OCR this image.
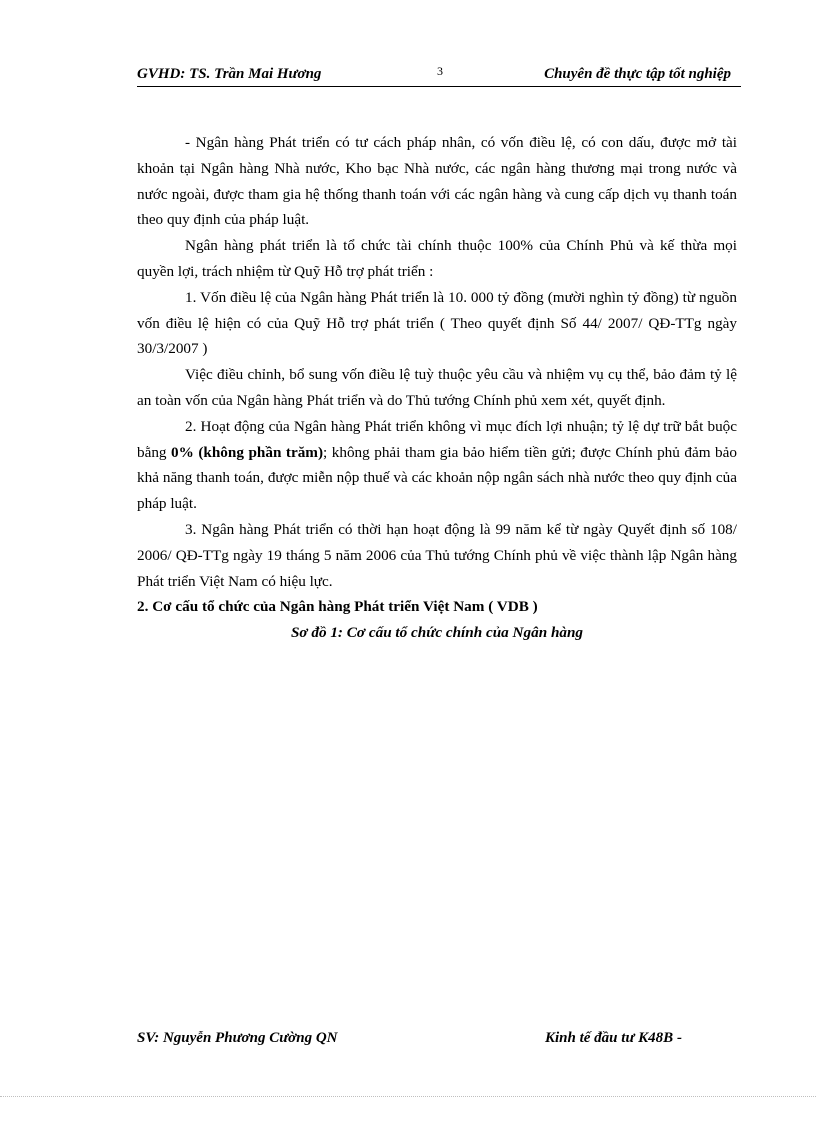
GVHD: TS. Trần Mai Hương	3	Chuyên đề thực tập tốt nghiệp

- Ngân hàng Phát triển có tư cách pháp nhân, có vốn điều lệ, có con dấu, được mở tài khoản tại Ngân hàng Nhà nước, Kho bạc Nhà nước, các ngân hàng thương mại trong nước và nước ngoài, được tham gia hệ thống thanh toán với các ngân hàng và cung cấp dịch vụ thanh toán theo quy định của pháp luật.

Ngân hàng phát triển là tổ chức tài chính thuộc 100% của Chính Phủ và kế thừa mọi quyền lợi, trách nhiệm từ Quỹ Hỗ trợ phát triển :

1. Vốn điều lệ của Ngân hàng Phát triển là 10. 000 tỷ đồng (mười nghìn tỷ đồng) từ nguồn vốn điều lệ hiện có của Quỹ Hỗ trợ phát triển ( Theo quyết định Số 44/ 2007/ QĐ-TTg ngày 30/3/2007 )

Việc điều chỉnh, bổ sung vốn điều lệ tuỳ thuộc yêu cầu và nhiệm vụ cụ thể, bảo đảm tỷ lệ an toàn vốn của Ngân hàng Phát triển và do Thủ tướng Chính phủ xem xét, quyết định.

2. Hoạt động của Ngân hàng Phát triển không vì mục đích lợi nhuận; tỷ lệ dự trữ bắt buộc bằng 0% (không phần trăm); không phải tham gia bảo hiểm tiền gửi; được Chính phủ đảm bảo khả năng thanh toán, được miễn nộp thuế và các khoản nộp ngân sách nhà nước theo quy định của pháp luật.

3. Ngân hàng Phát triển có thời hạn hoạt động là 99 năm kể từ ngày Quyết định số 108/ 2006/ QĐ-TTg ngày 19 tháng 5 năm 2006 của Thủ tướng Chính phủ về việc thành lập Ngân hàng Phát triển Việt Nam có hiệu lực.

2. Cơ cấu tổ chức của Ngân hàng Phát triển Việt Nam ( VDB )

Sơ đồ 1: Cơ cấu tổ chức chính của Ngân hàng

SV: Nguyễn Phương Cường QN	Kinh tế đầu tư K48B -
